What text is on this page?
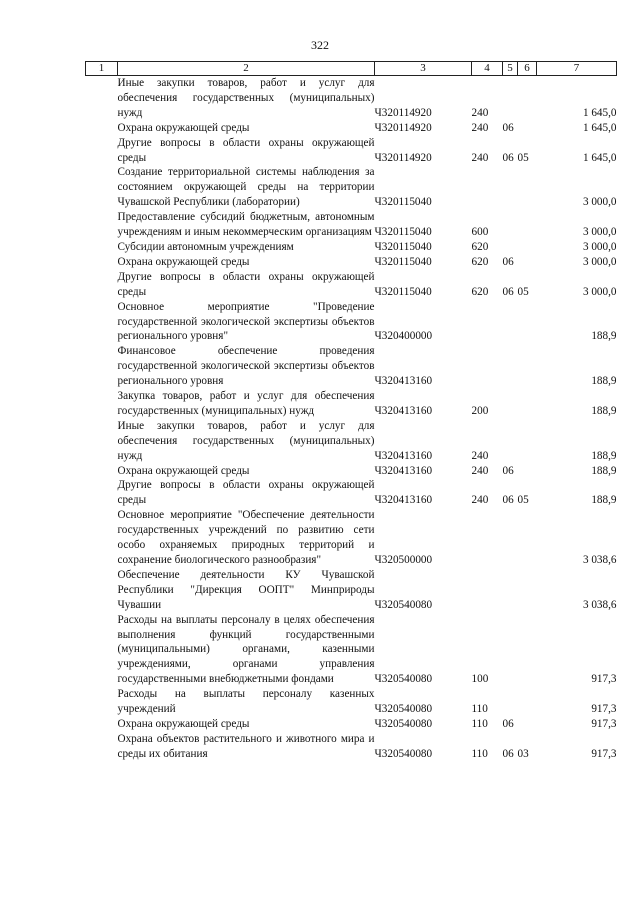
322
1	2	3	4	5	6	7
	Иные закупки товаров, работ и услуг для обеспечения государственных (муниципальных) нужд	Ч320114920	240			1 645,0
	Охрана окружающей среды	Ч320114920	240	06		1 645,0
	Другие вопросы в области охраны окружающей среды	Ч320114920	240	06	05	1 645,0
	Создание территориальной системы наблюдения за состоянием окружающей среды на территории Чувашской Республики (лаборатории)	Ч320115040				3 000,0
	Предоставление субсидий бюджетным, автономным учреждениям и иным некоммерческим организациям	Ч320115040	600			3 000,0
	Субсидии автономным учреждениям	Ч320115040	620			3 000,0
	Охрана окружающей среды	Ч320115040	620	06		3 000,0
	Другие вопросы в области охраны окружающей среды	Ч320115040	620	06	05	3 000,0
	Основное мероприятие "Проведение государственной экологической экспертизы объектов регионального уровня"	Ч320400000				188,9
	Финансовое обеспечение проведения государственной экологической экспертизы объектов регионального уровня	Ч320413160				188,9
	Закупка товаров, работ и услуг для обеспечения государственных (муниципальных) нужд	Ч320413160	200			188,9
	Иные закупки товаров, работ и услуг для обеспечения государственных (муниципальных) нужд	Ч320413160	240			188,9
	Охрана окружающей среды	Ч320413160	240	06		188,9
	Другие вопросы в области охраны окружающей среды	Ч320413160	240	06	05	188,9
	Основное мероприятие "Обеспечение деятельности государственных учреждений по развитию сети особо охраняемых природных территорий и сохранение биологического разнообразия"	Ч320500000				3 038,6
	Обеспечение деятельности КУ Чувашской Республики "Дирекция ООПТ" Минприроды Чувашии	Ч320540080				3 038,6
	Расходы на выплаты персоналу в целях обеспечения выполнения функций государственными (муниципальными) органами, казенными учреждениями, органами управления государственными внебюджетными фондами	Ч320540080	100			917,3
	Расходы на выплаты персоналу казенных учреждений	Ч320540080	110			917,3
	Охрана окружающей среды	Ч320540080	110	06		917,3
	Охрана объектов растительного и животного мира и среды их обитания	Ч320540080	110	06	03	917,3
